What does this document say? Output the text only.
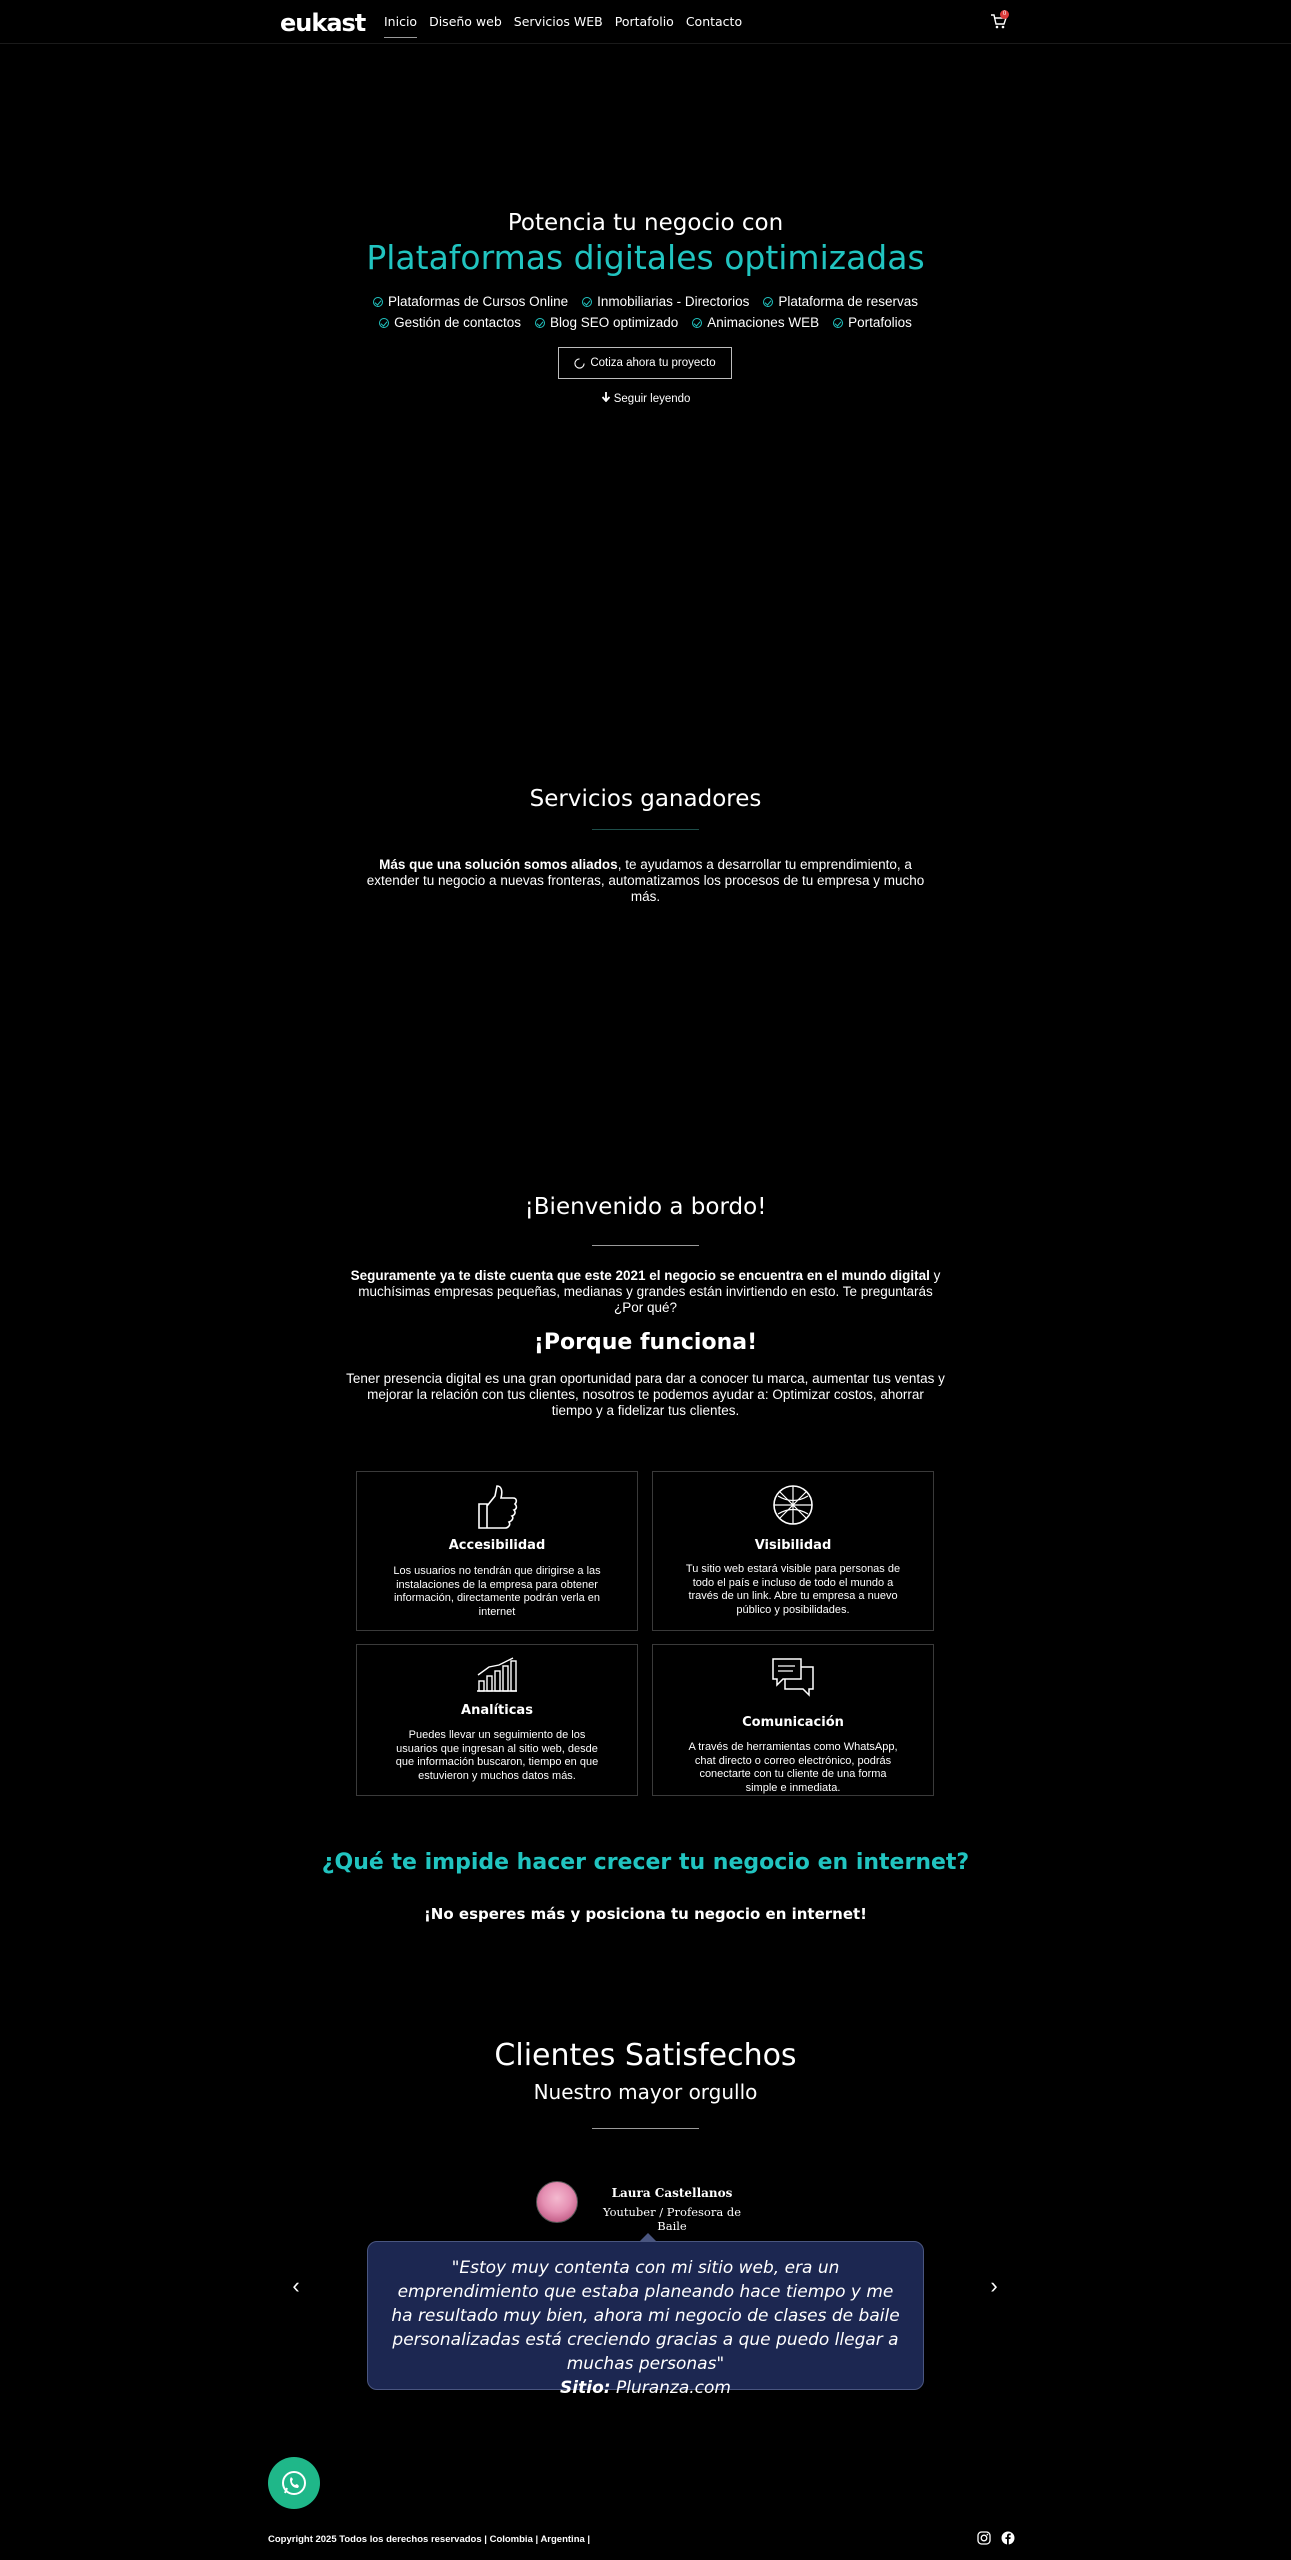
eukast Inicio Diseño web Servicios WEB Portafolio Contacto	0
Potencia tu negocio con
Plataformas digitales optimizadas
Plataformas de Cursos Online	Inmobiliarias - Directorios	Plataforma de reservas
Gestión de contactos	Blog SEO optimizado	Animaciones WEB	Portafolios
Cotiza ahora tu proyecto
Seguir leyendo
Servicios ganadores
Más que una solución somos aliados, te ayudamos a desarrollar tu emprendimiento, a extender tu negocio a nuevas fronteras, automatizamos los procesos de tu empresa y mucho más.
¡Bienvenido a bordo!
Seguramente ya te diste cuenta que este 2021 el negocio se encuentra en el mundo digital y muchísimas empresas pequeñas, medianas y grandes están invirtiendo en esto. Te preguntarás ¿Por qué?
¡Porque funciona!
Tener presencia digital es una gran oportunidad para dar a conocer tu marca, aumentar tus ventas y mejorar la relación con tus clientes, nosotros te podemos ayudar a: Optimizar costos, ahorrar tiempo y a fidelizar tus clientes.
Accesibilidad

Los usuarios no tendrán que dirigirse a las instalaciones de la empresa para obtener información, directamente podrán verla en internet

Visibilidad

Tu sitio web estará visible para personas de todo el país e incluso de todo el mundo a través de un link. Abre tu empresa a nuevo público y posibilidades.

Analíticas

Puedes llevar un seguimiento de los usuarios que ingresan al sitio web, desde que información buscaron, tiempo en que estuvieron y muchos datos más.

Comunicación

A través de herramientas como WhatsApp, chat directo o correo electrónico, podrás conectarte con tu cliente de una forma simple e inmediata.

¿Qué te impide hacer crecer tu negocio en internet?
¡No esperes más y posiciona tu negocio en internet!
Clientes Satisfechos
Nuestro mayor orgullo
Laura Castellanos
Youtuber / Profesora de Baile
‹
"Estoy muy contenta con mi sitio web, era un emprendimiento que estaba planeando hace tiempo y me ha resultado muy bien, ahora mi negocio de clases de baile personalizadas está creciendo gracias a que puedo llegar a muchas personas"
Sitio: Pluranza.com
›
Copyright 2025 Todos los derechos reservados | Colombia | Argentina |
